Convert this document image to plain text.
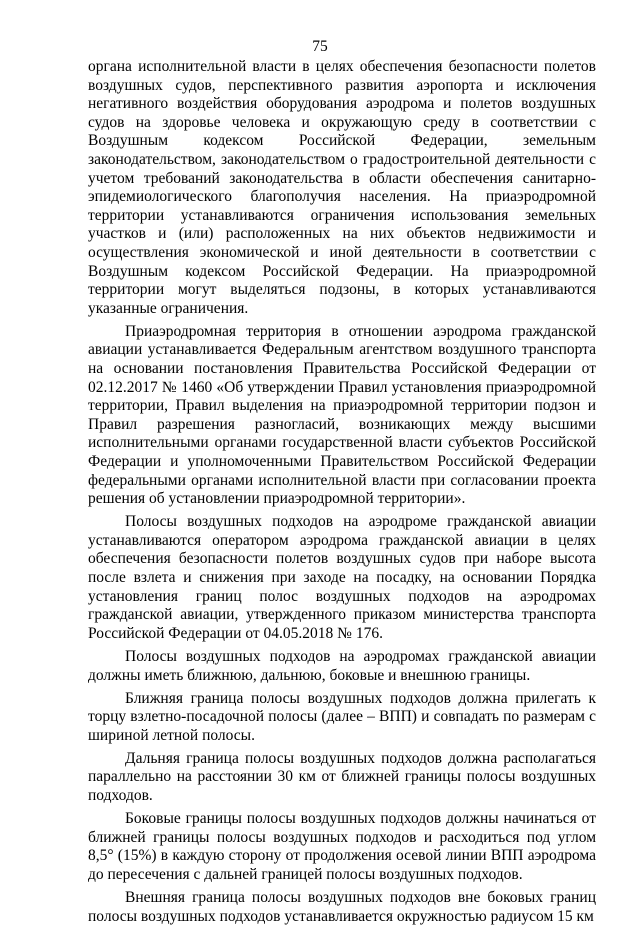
75

органа исполнительной власти в целях обеспечения безопасности полетов воздушных судов, перспективного развития аэропорта и исключения негативного воздействия оборудования аэродрома и полетов воздушных судов на здоровье человека и окружающую среду в соответствии с Воздушным кодексом Российской Федерации, земельным законодательством, законодательством о градостроительной деятельности с учетом требований законодательства в области обеспечения санитарно-эпидемиологического благополучия населения. На приаэродромной территории устанавливаются ограничения использования земельных участков и (или) расположенных на них объектов недвижимости и осуществления экономической и иной деятельности в соответствии с Воздушным кодексом Российской Федерации. На приаэродромной территории могут выделяться подзоны, в которых устанавливаются указанные ограничения.

Приаэродромная территория в отношении аэродрома гражданской авиации устанавливается Федеральным агентством воздушного транспорта на основании постановления Правительства Российской Федерации от 02.12.2017 № 1460 «Об утверждении Правил установления приаэродромной территории, Правил выделения на приаэродромной территории подзон и Правил разрешения разногласий, возникающих между высшими исполнительными органами государственной власти субъектов Российской Федерации и уполномоченными Правительством Российской Федерации федеральными органами исполнительной власти при согласовании проекта решения об установлении приаэродромной территории».

Полосы воздушных подходов на аэродроме гражданской авиации устанавливаются оператором аэродрома гражданской авиации в целях обеспечения безопасности полетов воздушных судов при наборе высота после взлета и снижения при заходе на посадку, на основании Порядка установления границ полос воздушных подходов на аэродромах гражданской авиации, утвержденного приказом министерства транспорта Российской Федерации от 04.05.2018 № 176.

Полосы воздушных подходов на аэродромах гражданской авиации должны иметь ближнюю, дальнюю, боковые и внешнюю границы.

Ближняя граница полосы воздушных подходов должна прилегать к торцу взлетно-посадочной полосы (далее – ВПП) и совпадать по размерам с шириной летной полосы.

Дальняя граница полосы воздушных подходов должна располагаться параллельно на расстоянии 30 км от ближней границы полосы воздушных подходов.

Боковые границы полосы воздушных подходов должны начинаться от ближней границы полосы воздушных подходов и расходиться под углом 8,5° (15%) в каждую сторону от продолжения осевой линии ВПП аэродрома до пересечения с дальней границей полосы воздушных подходов.

Внешняя граница полосы воздушных подходов вне боковых границ полосы воздушных подходов устанавливается окружностью радиусом 15 км
